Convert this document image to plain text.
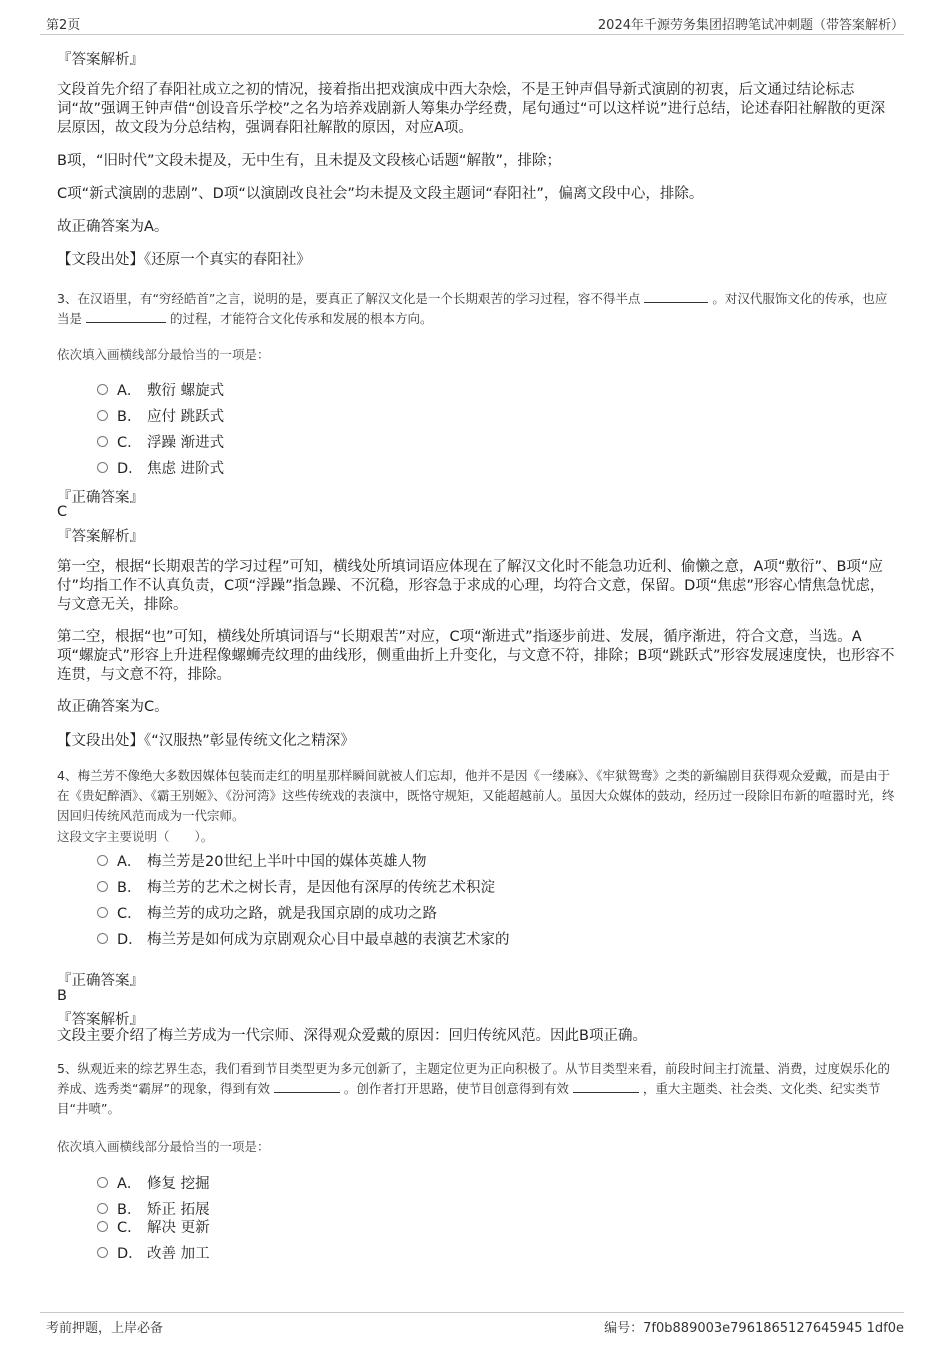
第2页	2024年千源劳务集团招聘笔试冲刺题（带答案解析）
『答案解析』
文段首先介绍了春阳社成立之初的情况，接着指出把戏演成中西大杂烩，不是王钟声倡导新式演剧的初衷，后文通过结论标志词“故”强调王钟声借“创设音乐学校”之名为培养戏剧新人筹集办学经费，尾句通过“可以这样说”进行总结，论述春阳社解散的更深层原因，故文段为分总结构，强调春阳社解散的原因，对应A项。
B项，“旧时代”文段未提及，无中生有，且未提及文段核心话题“解散”，排除；
C项“新式演剧的悲剧”、D项“以演剧改良社会”均未提及文段主题词“春阳社”，偏离文段中心，排除。
故正确答案为A。
【文段出处】《还原一个真实的春阳社》
3、在汉语里，有“穷经皓首”之言，说明的是，要真正了解汉文化是一个长期艰苦的学习过程，容不得半点	。对汉代服饰文化的传承，也应当是	的过程，才能符合文化传承和发展的根本方向。
依次填入画横线部分最恰当的一项是：
A． 敷衍 螺旋式
B． 应付 跳跃式
C． 浮躁 渐进式
D． 焦虑 进阶式
『正确答案』
C
『答案解析』
第一空，根据“长期艰苦的学习过程”可知，横线处所填词语应体现在了解汉文化时不能急功近利、偷懒之意，A项“敷衍”、B项“应付”均指工作不认真负责，C项“浮躁”指急躁、不沉稳，形容急于求成的心理，均符合文意，保留。D项“焦虑”形容心情焦急忧虑，与文意无关，排除。
第二空，根据“也”可知，横线处所填词语与“长期艰苦”对应，C项“渐进式”指逐步前进、发展，循序渐进，符合文意，当选。A项“螺旋式”形容上升进程像螺蛳壳纹理的曲线形，侧重曲折上升变化，与文意不符，排除；B项“跳跃式”形容发展速度快，也形容不连贯，与文意不符，排除。
故正确答案为C。
【文段出处】《“汉服热”彰显传统文化之精深》
4、梅兰芳不像绝大多数因媒体包装而走红的明星那样瞬间就被人们忘却，他并不是因《一缕麻》、《牢狱鸳鸯》之类的新编剧目获得观众爱戴，而是由于在《贵妃醉酒》、《霸王别姬》、《汾河湾》这些传统戏的表演中，既恪守规矩，又能超越前人。虽因大众媒体的鼓动，经历过一段除旧布新的喧嚣时光，终因回归传统风范而成为一代宗师。
这段文字主要说明（　　）。
A． 梅兰芳是20世纪上半叶中国的媒体英雄人物
B． 梅兰芳的艺术之树长青，是因他有深厚的传统艺术积淀
C． 梅兰芳的成功之路，就是我国京剧的成功之路
D． 梅兰芳是如何成为京剧观众心目中最卓越的表演艺术家的
『正确答案』
B
『答案解析』
文段主要介绍了梅兰芳成为一代宗师、深得观众爱戴的原因：回归传统风范。因此B项正确。
5、纵观近来的综艺界生态，我们看到节目类型更为多元创新了，主题定位更为正向积极了。从节目类型来看，前段时间主打流量、消费，过度娱乐化的养成、选秀类“霸屏”的现象，得到有效	。创作者打开思路，使节目创意得到有效	，重大主题类、社会类、文化类、纪实类节目“井喷”。
依次填入画横线部分最恰当的一项是：
A． 修复 挖掘
B． 矫正 拓展
C． 解决 更新
D． 改善 加工
考前押题，上岸必备	编号：7f0b889003e7961865127645945 1df0e
